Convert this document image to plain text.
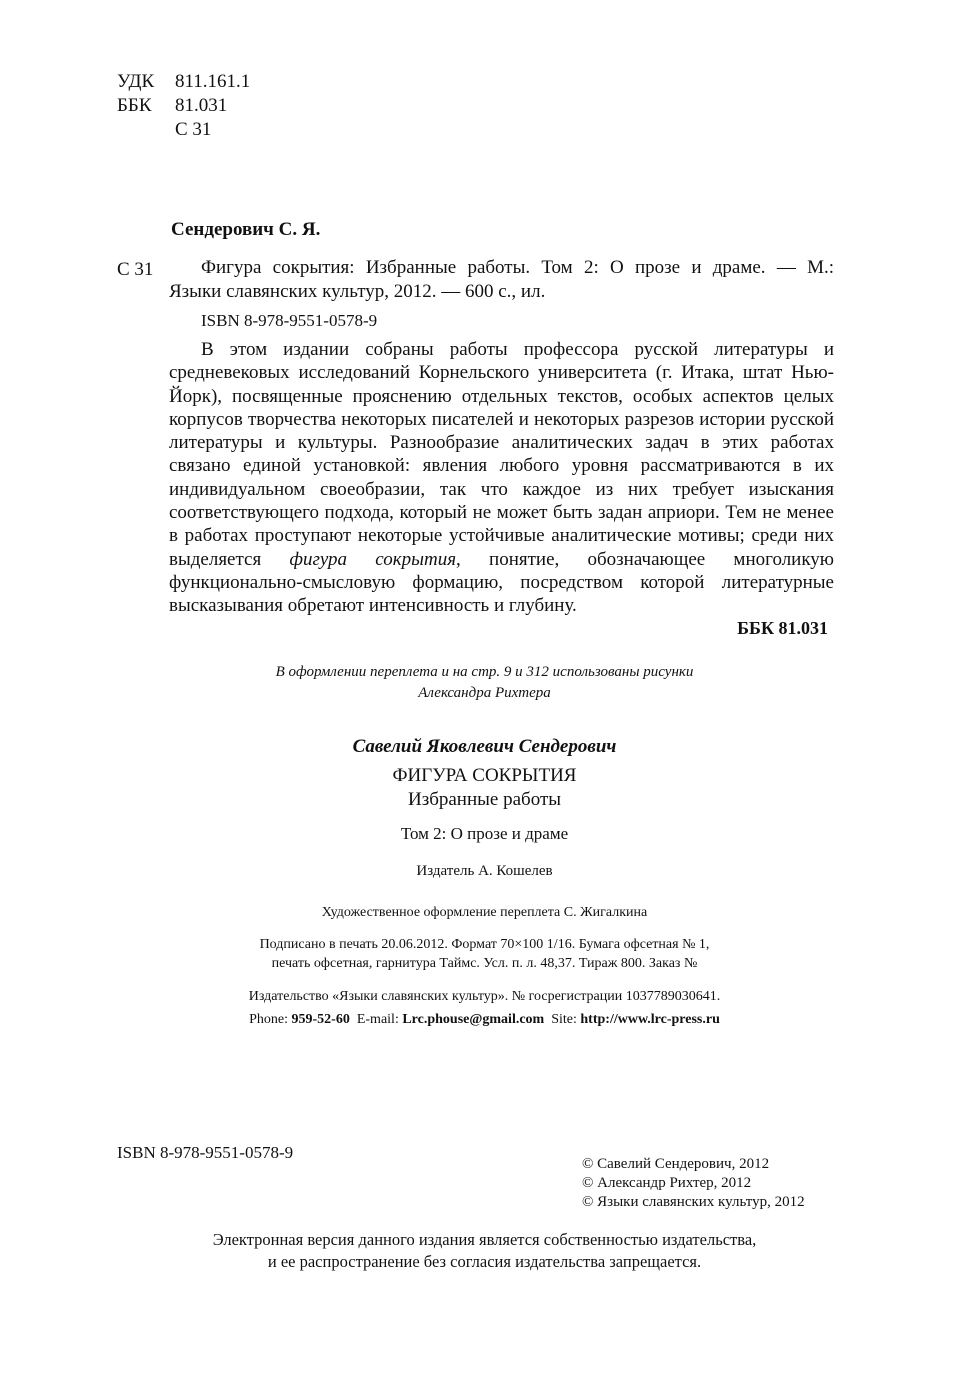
УДК 811.161.1
ББК 81.031
С 31
Сендерович С. Я.
С 31	Фигура сокрытия: Избранные работы. Том 2: О прозе и драме. — М.:
Языки славянских культур, 2012. — 600 с., ил.
ISBN 8-978-9551-0578-9
В этом издании собраны работы профессора русской литературы и средневековых исследований Корнельского университета (г. Итака, штат Нью-Йорк), посвященные прояснению отдельных текстов, особых аспектов целых корпусов творчества некоторых писателей и некоторых разрезов истории русской литературы и культуры. Разнообразие аналитических задач в этих работах связано единой установкой: явления любого уровня рассматриваются в их индивидуальном своеобразии, так что каждое из них требует изыскания соответствующего подхода, который не может быть задан априори. Тем не менее в работах проступают некоторые устойчивые аналитические мотивы; среди них выделяется фигура сокрытия, понятие, обозначающее многоликую функционально-смысловую формацию, посредством которой литературные высказывания обретают интенсивность и глубину.
ББК 81.031
В оформлении переплета и на стр. 9 и 312 использованы рисунки
Александра Рихтера
Савелий Яковлевич Сендерович
ФИГУРА СОКРЫТИЯ
Избранные работы
Том 2: О прозе и драме
Издатель А. Кошелев
Художественное оформление переплета С. Жигалкина
Подписано в печать 20.06.2012. Формат 70×100 1/16. Бумага офсетная № 1,
печать офсетная, гарнитура Таймс. Усл. п. л. 48,37. Тираж 800. Заказ №
Издательство «Языки славянских культур». № госрегистрации 1037789030641.
Phone: 959-52-60 E-mail: Lrc.phouse@gmail.com Site: http://www.lrc-press.ru
ISBN 8-978-9551-0578-9
© Савелий Сендерович, 2012
© Александр Рихтер, 2012
© Языки славянских культур, 2012
Электронная версия данного издания является собственностью издательства,
и ее распространение без согласия издательства запрещается.
